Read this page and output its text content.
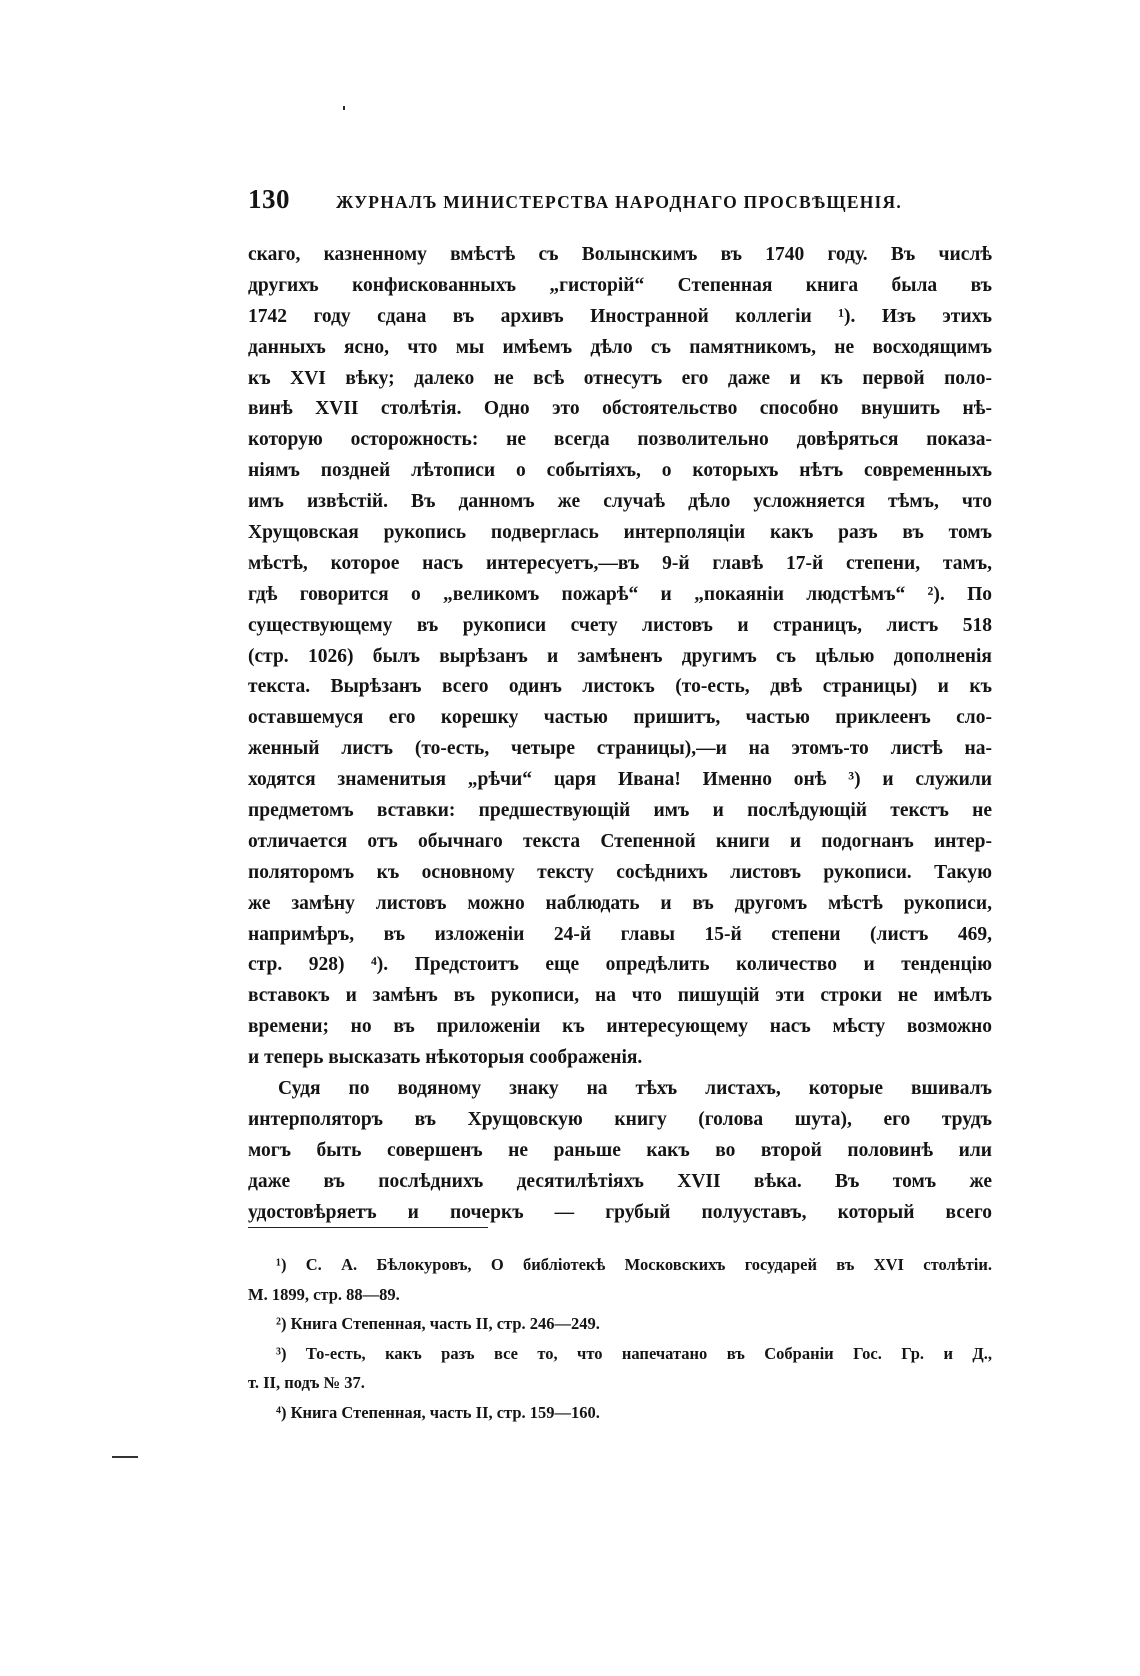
130	ЖУРНАЛЪ МИНИСТЕРСТВА НАРОДНАГО ПРОСВѢЩЕНІЯ.
скаго, казненному вмѣстѣ съ Волынскимъ въ 1740 году. Въ числѣ
другихъ конфискованныхъ „гисторій“ Степенная книга была въ
1742 году сдана въ архивъ Иностранной коллегіи ¹). Изъ этихъ
данныхъ ясно, что мы имѣемъ дѣло съ памятникомъ, не восходящимъ
къ XVI вѣку; далеко не всѣ отнесутъ его даже и къ первой поло-
винѣ XVII столѣтія. Одно это обстоятельство способно внушить нѣ-
которую осторожность: не всегда позволительно довѣряться показа-
ніямъ поздней лѣтописи о событіяхъ, о которыхъ нѣтъ современныхъ
имъ извѣстій. Въ данномъ же случаѣ дѣло усложняется тѣмъ, что
Хрущовская рукопись подверглась интерполяціи какъ разъ въ томъ
мѣстѣ, которое насъ интересуетъ,—въ 9-й главѣ 17-й степени, тамъ,
гдѣ говорится о „великомъ пожарѣ“ и „покаяніи людстѣмъ“ ²). По
существующему въ рукописи счету листовъ и страницъ, листъ 518
(стр. 1026) былъ вырѣзанъ и замѣненъ другимъ съ цѣлью дополненія
текста. Вырѣзанъ всего одинъ листокъ (то-есть, двѣ страницы) и къ
оставшемуся его корешку частью пришитъ, частью приклеенъ сло-
женный листъ (то-есть, четыре страницы),—и на этомъ-то листѣ на-
ходятся знаменитыя „рѣчи“ царя Ивана! Именно онѣ ³) и служили
предметомъ вставки: предшествующій имъ и послѣдующій текстъ не
отличается отъ обычнаго текста Степенной книги и подогнанъ интер-
поляторомъ къ основному тексту сосѣднихъ листовъ рукописи. Такую
же замѣну листовъ можно наблюдать и въ другомъ мѣстѣ рукописи,
напримѣръ, въ изложеніи 24-й главы 15-й степени (листъ 469,
стр. 928) ⁴). Предстоитъ еще опредѣлить количество и тенденцію
вставокъ и замѣнъ въ рукописи, на что пишущій эти строки не имѣлъ
времени; но въ приложеніи къ интересующему насъ мѣсту возможно
и теперь высказать нѣкоторыя соображенія.
Судя по водяному знаку на тѣхъ листахъ, которые вшивалъ
интерполяторъ въ Хрущовскую книгу (голова шута), его трудъ
могъ быть совершенъ не раньше какъ во второй половинѣ или
даже въ послѣднихъ десятилѣтіяхъ XVII вѣка. Въ томъ же
удостовѣряетъ и почеркъ — грубый полууставъ, который всего
¹) С. А. Бѣлокуровъ, О библіотекѣ Московскихъ государей въ XVI столѣтіи.
М. 1899, стр. 88—89.
²) Книга Степенная, часть II, стр. 246—249.
³) То-есть, какъ разъ все то, что напечатано въ Собраніи Гос. Гр. и Д.,
т. II, подъ № 37.
⁴) Книга Степенная, часть II, стр. 159—160.
